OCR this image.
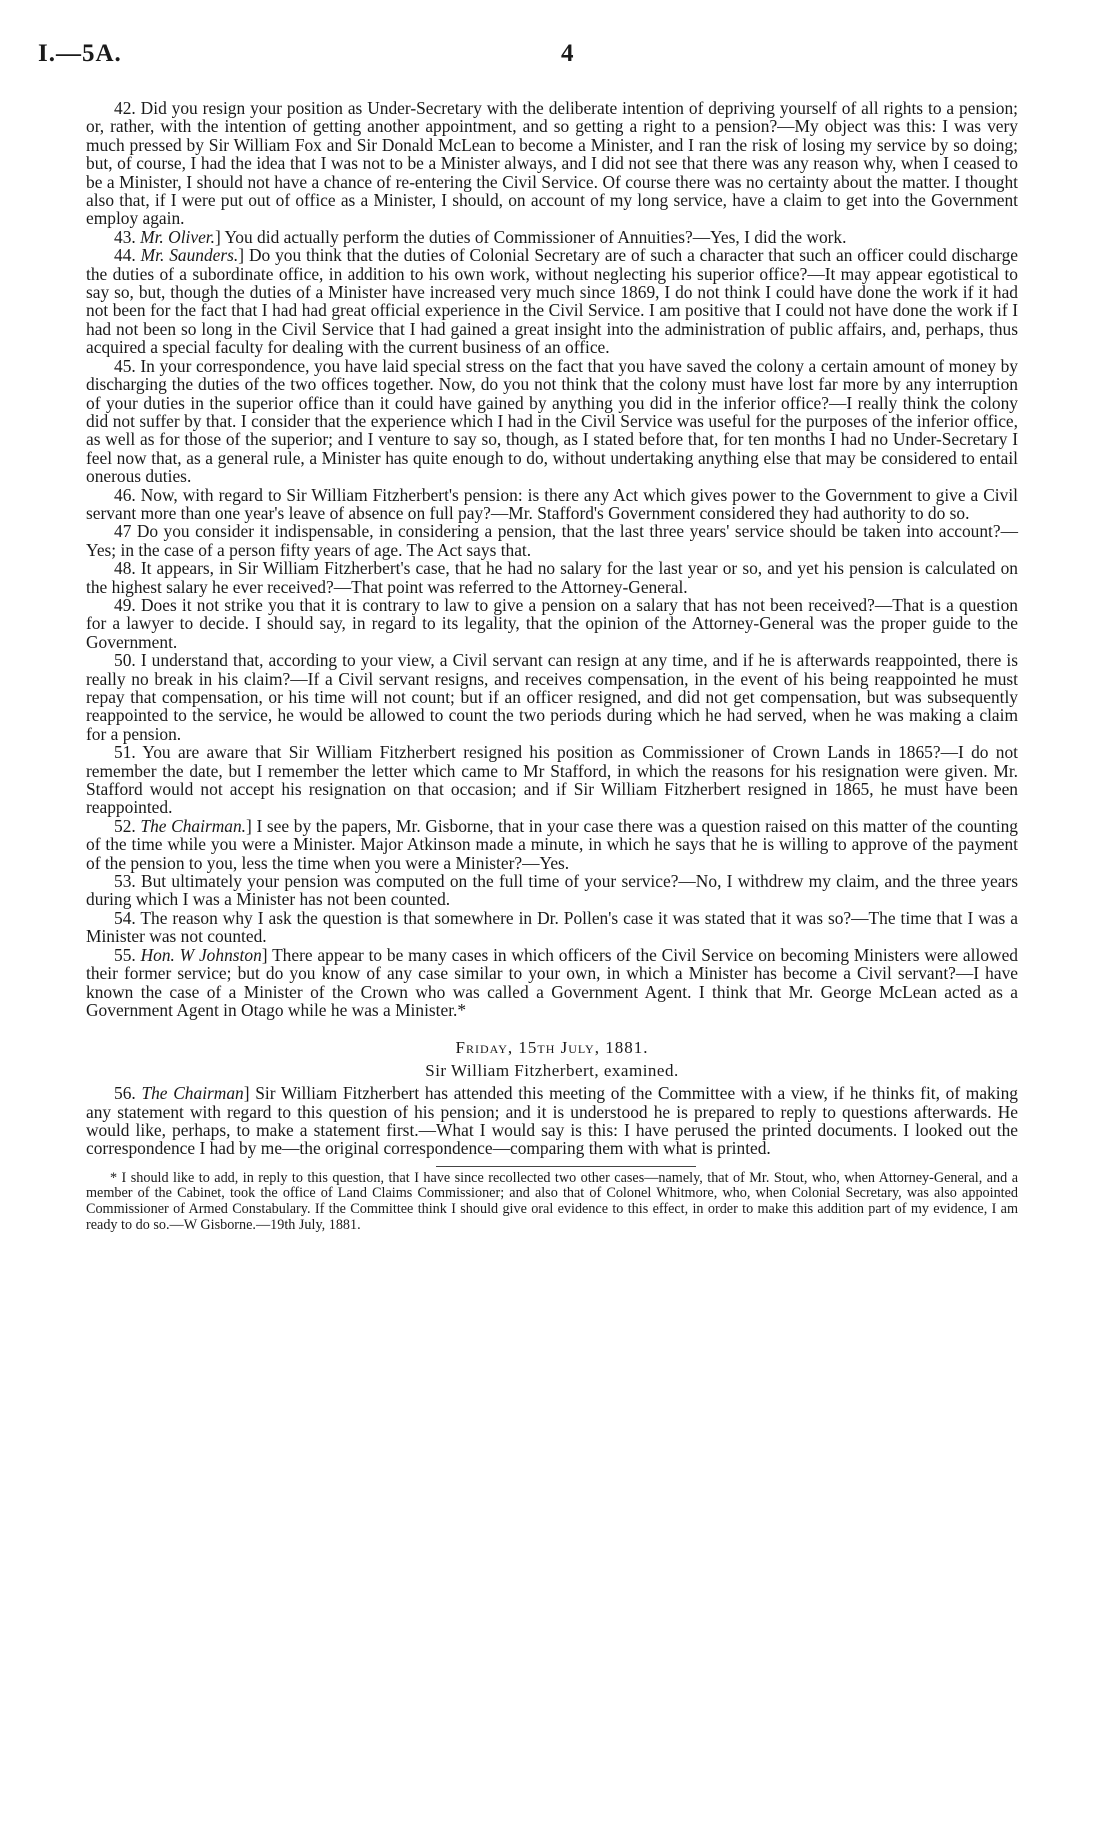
I.—5A.	4

42. Did you resign your position as Under-Secretary with the deliberate intention of depriving yourself of all rights to a pension; or, rather, with the intention of getting another appointment, and so getting a right to a pension?—My object was this: I was very much pressed by Sir William Fox and Sir Donald McLean to become a Minister, and I ran the risk of losing my service by so doing; but, of course, I had the idea that I was not to be a Minister always, and I did not see that there was any reason why, when I ceased to be a Minister, I should not have a chance of re-entering the Civil Service. Of course there was no certainty about the matter. I thought also that, if I were put out of office as a Minister, I should, on account of my long service, have a claim to get into the Government employ again.

43. Mr. Oliver.] You did actually perform the duties of Commissioner of Annuities?—Yes, I did the work.

44. Mr. Saunders.] Do you think that the duties of Colonial Secretary are of such a character that such an officer could discharge the duties of a subordinate office, in addition to his own work, without neglecting his superior office?—It may appear egotistical to say so, but, though the duties of a Minister have increased very much since 1869, I do not think I could have done the work if it had not been for the fact that I had had great official experience in the Civil Service. I am positive that I could not have done the work if I had not been so long in the Civil Service that I had gained a great insight into the administration of public affairs, and, perhaps, thus acquired a special faculty for dealing with the current business of an office.

45. In your correspondence, you have laid special stress on the fact that you have saved the colony a certain amount of money by discharging the duties of the two offices together. Now, do you not think that the colony must have lost far more by any interruption of your duties in the superior office than it could have gained by anything you did in the inferior office?—I really think the colony did not suffer by that. I consider that the experience which I had in the Civil Service was useful for the purposes of the inferior office, as well as for those of the superior; and I venture to say so, though, as I stated before that, for ten months I had no Under-Secretary I feel now that, as a general rule, a Minister has quite enough to do, without undertaking anything else that may be considered to entail onerous duties.

46. Now, with regard to Sir William Fitzherbert's pension: is there any Act which gives power to the Government to give a Civil servant more than one year's leave of absence on full pay?—Mr. Stafford's Government considered they had authority to do so.

47 Do you consider it indispensable, in considering a pension, that the last three years' service should be taken into account?—Yes; in the case of a person fifty years of age. The Act says that.

48. It appears, in Sir William Fitzherbert's case, that he had no salary for the last year or so, and yet his pension is calculated on the highest salary he ever received?—That point was referred to the Attorney-General.

49. Does it not strike you that it is contrary to law to give a pension on a salary that has not been received?—That is a question for a lawyer to decide. I should say, in regard to its legality, that the opinion of the Attorney-General was the proper guide to the Government.

50. I understand that, according to your view, a Civil servant can resign at any time, and if he is afterwards reappointed, there is really no break in his claim?—If a Civil servant resigns, and receives compensation, in the event of his being reappointed he must repay that compensation, or his time will not count; but if an officer resigned, and did not get compensation, but was subsequently reappointed to the service, he would be allowed to count the two periods during which he had served, when he was making a claim for a pension.

51. You are aware that Sir William Fitzherbert resigned his position as Commissioner of Crown Lands in 1865?—I do not remember the date, but I remember the letter which came to Mr Stafford, in which the reasons for his resignation were given. Mr. Stafford would not accept his resignation on that occasion; and if Sir William Fitzherbert resigned in 1865, he must have been reappointed.

52. The Chairman.] I see by the papers, Mr. Gisborne, that in your case there was a question raised on this matter of the counting of the time while you were a Minister. Major Atkinson made a minute, in which he says that he is willing to approve of the payment of the pension to you, less the time when you were a Minister?—Yes.

53. But ultimately your pension was computed on the full time of your service?—No, I withdrew my claim, and the three years during which I was a Minister has not been counted.

54. The reason why I ask the question is that somewhere in Dr. Pollen's case it was stated that it was so?—The time that I was a Minister was not counted.

55. Hon. W Johnston] There appear to be many cases in which officers of the Civil Service on becoming Ministers were allowed their former service; but do you know of any case similar to your own, in which a Minister has become a Civil servant?—I have known the case of a Minister of the Crown who was called a Government Agent. I think that Mr. George McLean acted as a Government Agent in Otago while he was a Minister.*

Friday, 15th July, 1881.
Sir William Fitzherbert, examined.

56. The Chairman] Sir William Fitzherbert has attended this meeting of the Committee with a view, if he thinks fit, of making any statement with regard to this question of his pension; and it is understood he is prepared to reply to questions afterwards. He would like, perhaps, to make a statement first.—What I would say is this: I have perused the printed documents. I looked out the correspondence I had by me—the original correspondence—comparing them with what is printed.

* I should like to add, in reply to this question, that I have since recollected two other cases—namely, that of Mr. Stout, who, when Attorney-General, and a member of the Cabinet, took the office of Land Claims Commissioner; and also that of Colonel Whitmore, who, when Colonial Secretary, was also appointed Commissioner of Armed Constabulary. If the Committee think I should give oral evidence to this effect, in order to make this addition part of my evidence, I am ready to do so.—W Gisborne.—19th July, 1881.
